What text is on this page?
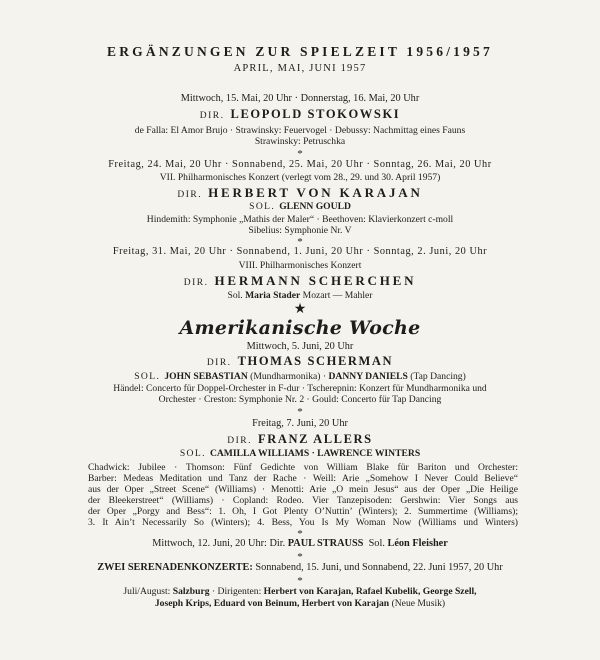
ERGÄNZUNGEN ZUR SPIELZEIT 1956/1957
APRIL, MAI, JUNI 1957
Mittwoch, 15. Mai, 20 Uhr · Donnerstag, 16. Mai, 20 Uhr
DIR. LEOPOLD STOKOWSKI
de Falla: El Amor Brujo · Strawinsky: Feuervogel · Debussy: Nachmittag eines Fauns
Strawinsky: Petruschka
*
Freitag, 24. Mai, 20 Uhr · Sonnabend, 25. Mai, 20 Uhr · Sonntag, 26. Mai, 20 Uhr
VII. Philharmonisches Konzert (verlegt vom 28., 29. und 30. April 1957)
DIR. HERBERT VON KARAJAN
SOL. GLENN GOULD
Hindemith: Symphonie „Mathis der Maler“ · Beethoven: Klavierkonzert c-moll
Sibelius: Symphonie Nr. V
*
Freitag, 31. Mai, 20 Uhr · Sonnabend, 1. Juni, 20 Uhr · Sonntag, 2. Juni, 20 Uhr
VIII. Philharmonisches Konzert
DIR. HERMANN SCHERCHEN
Sol. Maria Stader Mozart — Mahler
★
Amerikanische Woche
Mittwoch, 5. Juni, 20 Uhr
DIR. THOMAS SCHERMAN
SOL. JOHN SEBASTIAN (Mundharmonika) · DANNY DANIELS (Tap Dancing)
Händel: Concerto für Doppel-Orchester in F-dur · Tscherepnin: Konzert für Mundharmonika und
Orchester · Creston: Symphonie Nr. 2 · Gould: Concerto für Tap Dancing
*
Freitag, 7. Juni, 20 Uhr
DIR. FRANZ ALLERS
SOL. CAMILLA WILLIAMS · LAWRENCE WINTERS
Chadwick: Jubilee · Thomson: Fünf Gedichte von William Blake für Bariton und Orchester:
Barber: Medeas Meditation und Tanz der Rache · Weill: Arie „Somehow I Never Could Believe“
aus der Oper „Street Scene“ (Williams) · Menotti: Arie „O mein Jesus“ aus der Oper „Die Heilige
der Bleekerstreet“ (Williams) · Copland: Rodeo. Vier Tanzepisoden: Gershwin: Vier Songs aus
der Oper „Porgy and Bess“: 1. Oh, I Got Plenty O’Nuttin’ (Winters); 2. Summertime (Williams);
3. It Ain’t Necessarily So (Winters); 4. Bess, You Is My Woman Now (Williams und Winters)
*
Mittwoch, 12. Juni, 20 Uhr: Dir. PAUL STRAUSS Sol. Léon Fleisher
*
ZWEI SERENADENKONZERTE: Sonnabend, 15. Juni, und Sonnabend, 22. Juni 1957, 20 Uhr
*
Juli/August: Salzburg · Dirigenten: Herbert von Karajan, Rafael Kubelik, George Szell,
Joseph Krips, Eduard von Beinum, Herbert von Karajan (Neue Musik)
